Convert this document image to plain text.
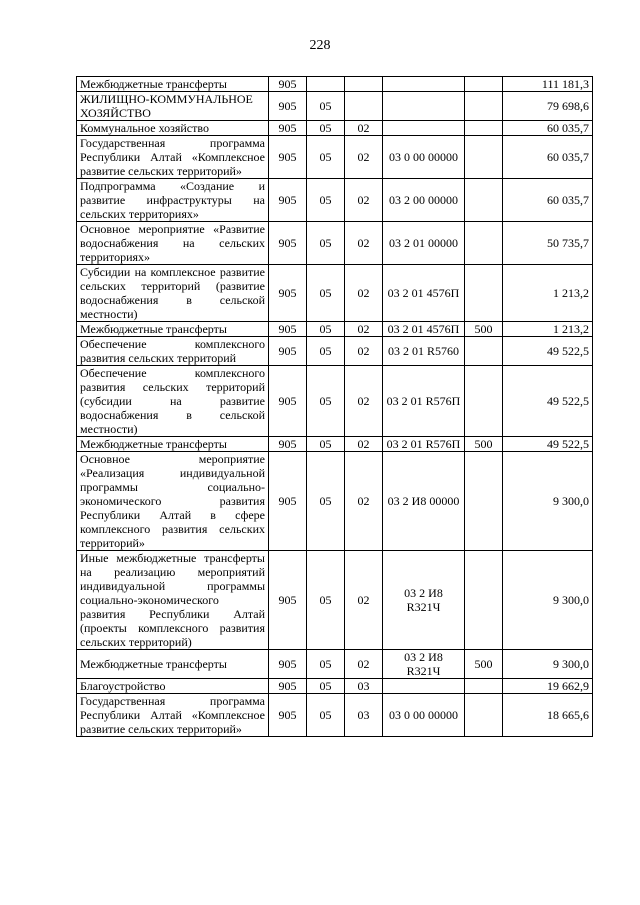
228
Межбюджетные трансферты	905					111 181,3
ЖИЛИЩНО-КОММУНАЛЬНОЕ ХОЗЯЙСТВО	905	05				79 698,6
Коммунальное хозяйство	905	05	02			60 035,7
Государственная программа Республики Алтай «Комплексное развитие сельских территорий»	905	05	02	03 0 00 00000		60 035,7
Подпрограмма «Создание и развитие инфраструктуры на сельских территориях»	905	05	02	03 2 00 00000		60 035,7
Основное мероприятие «Развитие водоснабжения на сельских территориях»	905	05	02	03 2 01 00000		50 735,7
Субсидии на комплексное развитие сельских территорий (развитие водоснабжения в сельской местности)	905	05	02	03 2 01 4576П		1 213,2
Межбюджетные трансферты	905	05	02	03 2 01 4576П	500	1 213,2
Обеспечение комплексного развития сельских территорий	905	05	02	03 2 01 R5760		49 522,5
Обеспечение комплексного развития сельских территорий (субсидии на развитие водоснабжения в сельской местности)	905	05	02	03 2 01 R576П		49 522,5
Межбюджетные трансферты	905	05	02	03 2 01 R576П	500	49 522,5
Основное мероприятие «Реализация индивидуальной программы социально-экономического развития Республики Алтай в сфере комплексного развития сельских территорий»	905	05	02	03 2 И8 00000		9 300,0
Иные межбюджетные трансферты на реализацию мероприятий индивидуальной программы социально-экономического развития Республики Алтай (проекты комплексного развития сельских территорий)	905	05	02	03 2 И8 R321Ч		9 300,0
Межбюджетные трансферты	905	05	02	03 2 И8 R321Ч	500	9 300,0
Благоустройство	905	05	03			19 662,9
Государственная программа Республики Алтай «Комплексное развитие сельских территорий»	905	05	03	03 0 00 00000		18 665,6
